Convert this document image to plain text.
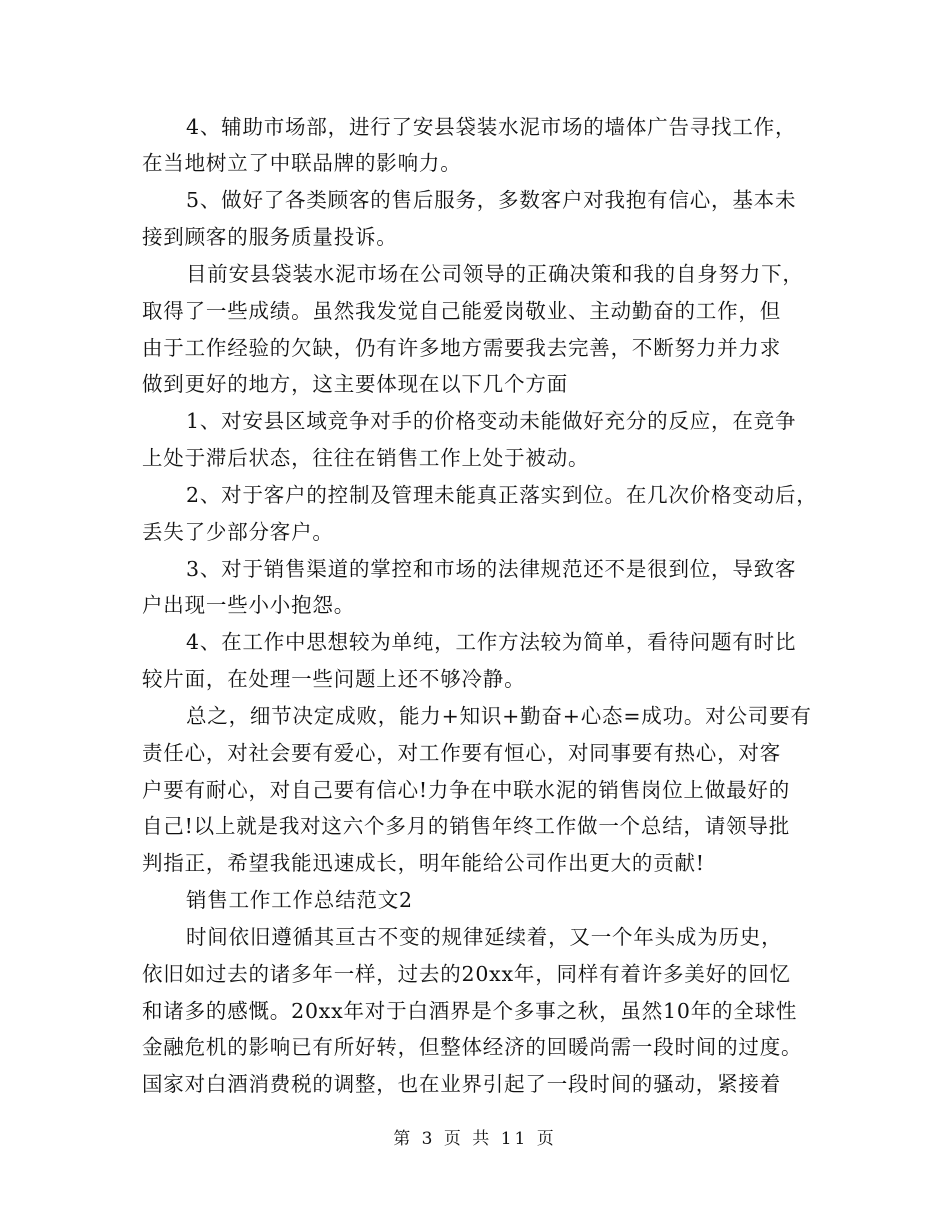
4、辅助市场部，进行了安县袋装水泥市场的墙体广告寻找工作，
在当地树立了中联品牌的影响力。
5、做好了各类顾客的售后服务，多数客户对我抱有信心，基本未
接到顾客的服务质量投诉。
目前安县袋装水泥市场在公司领导的正确决策和我的自身努力下，
取得了一些成绩。虽然我发觉自己能爱岗敬业、主动勤奋的工作，但
由于工作经验的欠缺，仍有许多地方需要我去完善，不断努力并力求
做到更好的地方，这主要体现在以下几个方面
1、对安县区域竞争对手的价格变动未能做好充分的反应，在竞争
上处于滞后状态，往往在销售工作上处于被动。
2、对于客户的控制及管理未能真正落实到位。在几次价格变动后，
丢失了少部分客户。
3、对于销售渠道的掌控和市场的法律规范还不是很到位，导致客
户出现一些小小抱怨。
4、在工作中思想较为单纯，工作方法较为简单，看待问题有时比
较片面，在处理一些问题上还不够冷静。
总之，细节决定成败，能力+知识+勤奋+心态=成功。对公司要有
责任心，对社会要有爱心，对工作要有恒心，对同事要有热心，对客
户要有耐心，对自己要有信心!力争在中联水泥的销售岗位上做最好的
自己!以上就是我对这六个多月的销售年终工作做一个总结，请领导批
判指正，希望我能迅速成长，明年能给公司作出更大的贡献!
销售工作工作总结范文2
时间依旧遵循其亘古不变的规律延续着，又一个年头成为历史，
依旧如过去的诸多年一样，过去的20xx年，同样有着许多美好的回忆
和诸多的感慨。20xx年对于白酒界是个多事之秋，虽然10年的全球性
金融危机的影响已有所好转，但整体经济的回暖尚需一段时间的过度。
国家对白酒消费税的调整，也在业界引起了一段时间的骚动，紧接着
第 3 页 共 11 页
